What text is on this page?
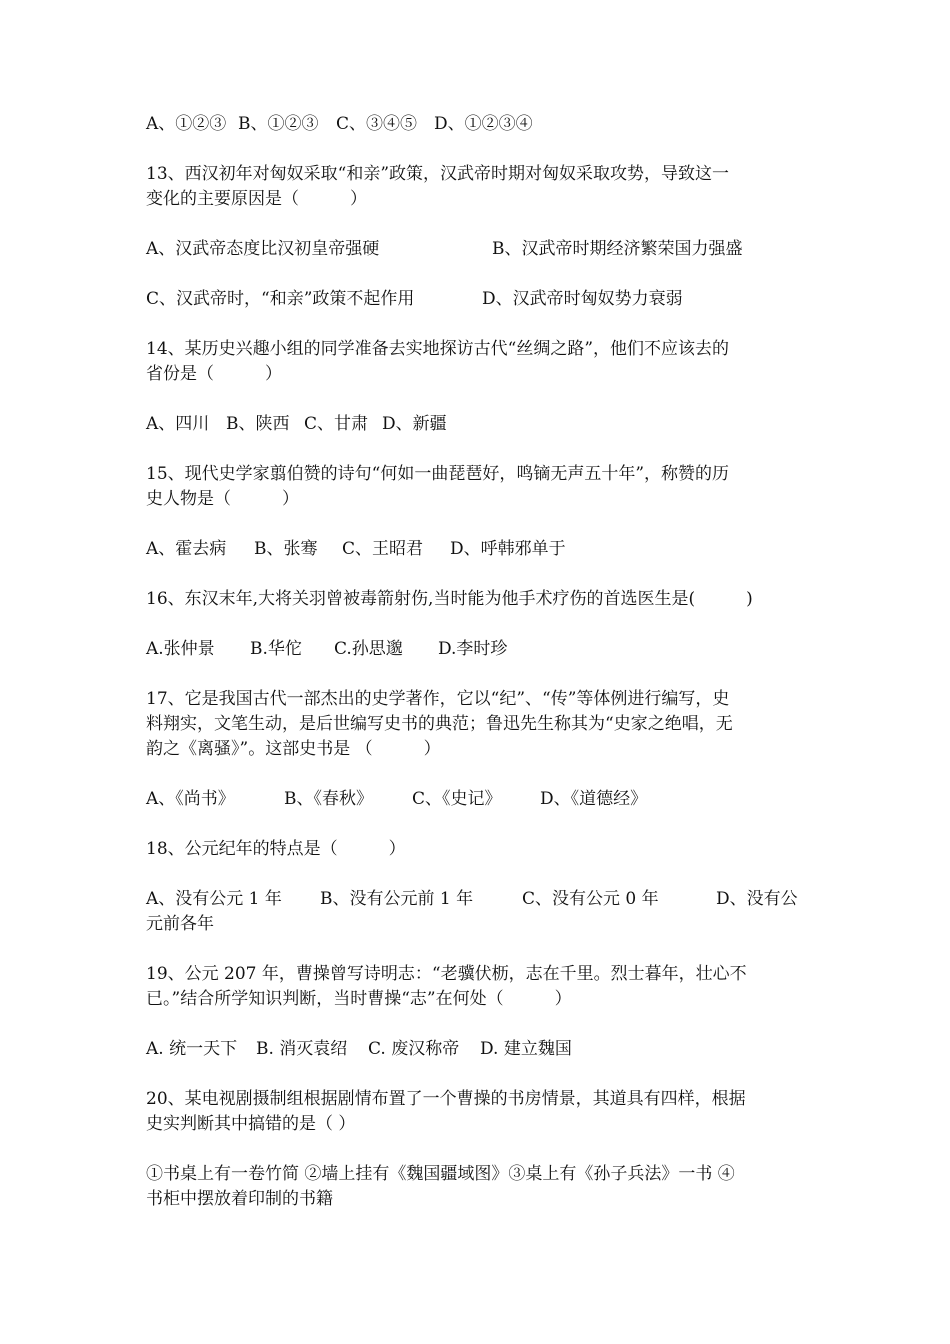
A、①②③ B、①②③	C、③④⑤ D、①②③④
13、西汉初年对匈奴采取“和亲”政策，汉武帝时期对匈奴采取攻势，导致这一
变化的主要原因是（　　　）
A、汉武帝态度比汉初皇帝强硬	B、汉武帝时期经济繁荣国力强盛
C、汉武帝时，“和亲”政策不起作用	D、汉武帝时匈奴势力衰弱
14、某历史兴趣小组的同学准备去实地探访古代“丝绸之路”，他们不应该去的
省份是（　　　）
A、四川 B、陕西 C、甘肃 D、新疆
15、现代史学家翦伯赞的诗句“何如一曲琵琶好，鸣镝无声五十年”，称赞的历
史人物是（　　　）
A、霍去病	B、张骞	C、王昭君	D、呼韩邪单于
16、东汉末年,大将关羽曾被毒箭射伤,当时能为他手术疗伤的首选医生是(　　　)
A.张仲景	B.华佗	C.孙思邈	D.李时珍
17、它是我国古代一部杰出的史学著作，它以“纪”、“传”等体例进行编写，史
料翔实，文笔生动，是后世编写史书的典范；鲁迅先生称其为“史家之绝唱，无
韵之《离骚》”。这部史书是 （　　　）
A、《尚书》	B、《春秋》	C、《史记》	D、《道德经》
18、公元纪年的特点是（　　　）
A、没有公元 1 年	B、没有公元前 1 年	C、没有公元 0 年	D、没有公
元前各年
19、公元 207 年，曹操曾写诗明志：“老骥伏枥，志在千里。烈士暮年，壮心不
已。”结合所学知识判断，当时曹操“志”在何处（　　　）
A. 统一天下	B. 消灭袁绍	C. 废汉称帝	D. 建立魏国
20、某电视剧摄制组根据剧情布置了一个曹操的书房情景，其道具有四样，根据
史实判断其中搞错的是（ ）
①书桌上有一卷竹简 ②墙上挂有《魏国疆域图》③桌上有《孙子兵法》一书 ④
书柜中摆放着印制的书籍
